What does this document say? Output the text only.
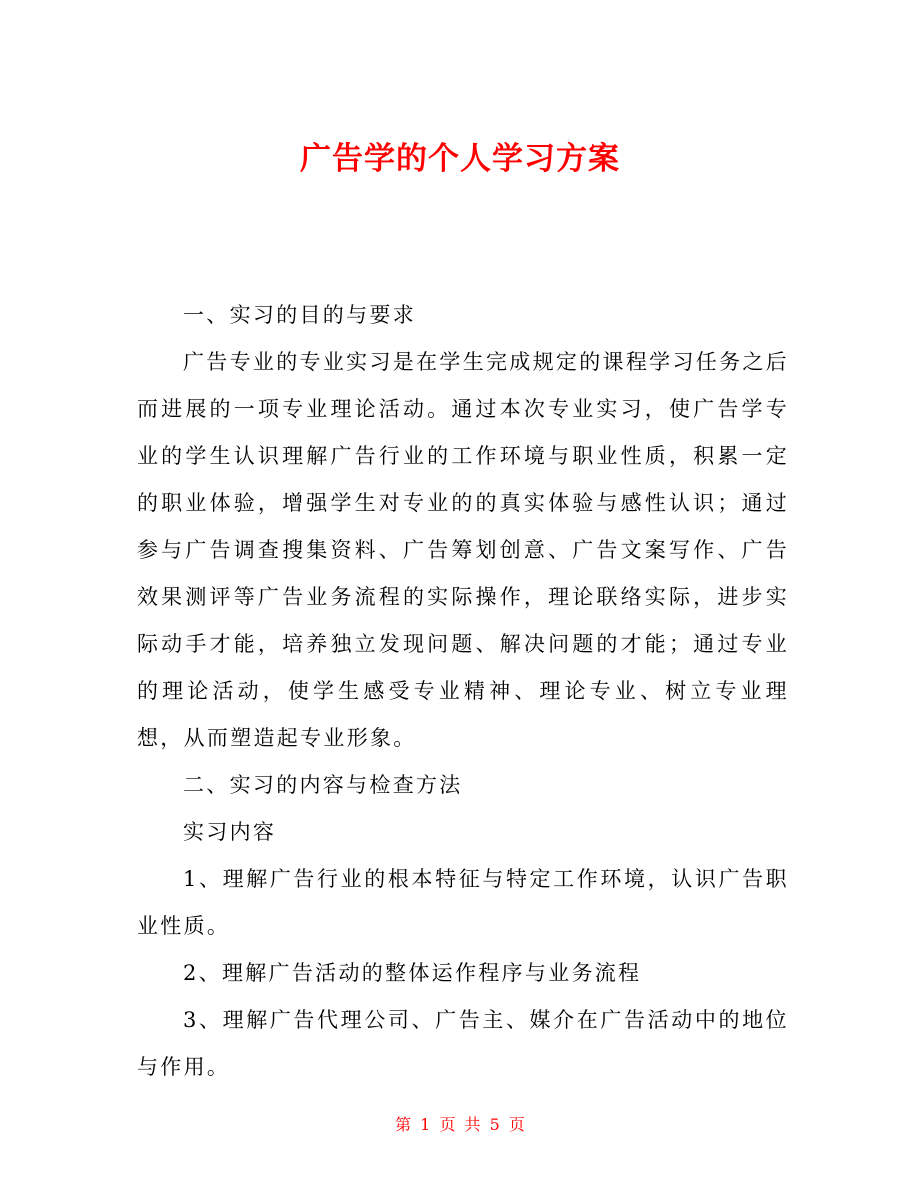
广告学的个人学习方案

一、实习的目的与要求

广告专业的专业实习是在学生完成规定的课程学习任务之后而进展的一项专业理论活动。通过本次专业实习，使广告学专业的学生认识理解广告行业的工作环境与职业性质，积累一定的职业体验，增强学生对专业的的真实体验与感性认识；通过参与广告调查搜集资料、广告筹划创意、广告文案写作、广告效果测评等广告业务流程的实际操作，理论联络实际，进步实际动手才能，培养独立发现问题、解决问题的才能；通过专业的理论活动，使学生感受专业精神、理论专业、树立专业理想，从而塑造起专业形象。

二、实习的内容与检查方法

实习内容

1、理解广告行业的根本特征与特定工作环境，认识广告职业性质。

2、理解广告活动的整体运作程序与业务流程

3、理解广告代理公司、广告主、媒介在广告活动中的地位与作用。

第 1 页 共 5 页
